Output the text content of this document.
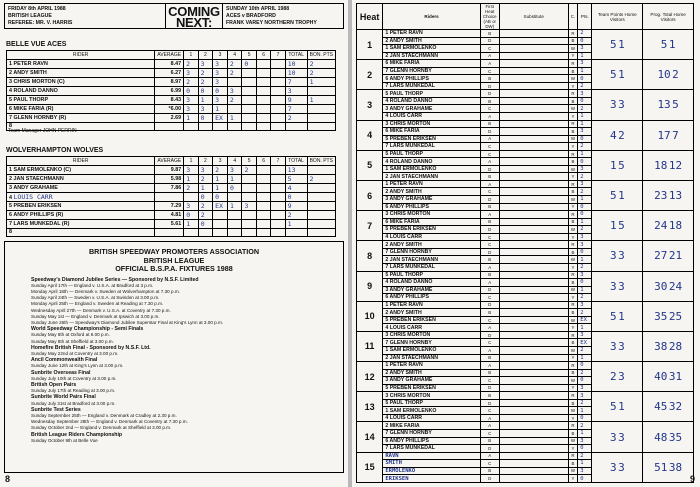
FRIDAY 8th APRIL 1988
BRITISH LEAGUE
REFEREE: MR. V. HARRIS
COMING NEXT:
SUNDAY 10th APRIL 1988
ACES v BRADFORD
FRANK VAREY NORTHERN TROPHY
BELLE VUE ACES
RIDER	AVERAGE	1	2	3	4	5	6	7	TOTAL	BON. PTS
1 PETER RAVN	8.47	2	3	3	2	0			10	2
2 ANDY SMITH	6.27	3	2	3	2				10	2
3 CHRIS MORTON (C)	8.97	2	2	3					7	1
4 ROLAND DANNO	6.99	0	0	0	3				3	
5 PAUL THORP	8.43	3	1	3	2				9	1
6 MIKE FARIA (R)	*6.00	3	3	1					7	
7 GLENN HORNBY (R)	2.69	1	0	EX	1				2	
8										
Team Manager JOHN PERRIN
WOLVERHAMPTON WOLVES
RIDER	AVERAGE	1	2	3	4	5	6	7	TOTAL	BON. PTS
1 SAM ERMOLENKO (C)	9.87	3	3	2	3	2			13	
2 JAN STAECHMANN	5.98	1	2	1	1				5	2
3 ANDY GRAHAME	7.86	2	1	1	0				4	
4 LOUIS CARR			0	0					0	
5 PREBEN ERIKSEN	7.29	3	2	EX	1	3			9	
6 ANDY PHILLIPS (R)	4.81	0	2						2	
7 LARS MUNKEDAL (R)	5.61	1	0						1	
8										
BRITISH SPEEDWAY PROMOTERS ASSOCIATION
BRITISH LEAGUE
OFFICIAL B.S.P.A. FIXTURES 1988
Speedway's Diamond Jubilee Series — Sponsored by N.S.F. Limited
Sunday April 17th — England v. U.S.A. at Bradford at 3 p.m.
Monday April 18th — Denmark v. Sweden at Wolverhampton at 7.30 p.m.
Sunday April 24th — Sweden v. U.S.A. at Swindon at 3.00 p.m.
Monday April 25th — England v. Sweden at Reading at 7.30 p.m.
Wednesday April 27th — Denmark v. U.S.A. at Coventry at 7.30 p.m.
Sunday May 1st — England v. Denmark at Ipswich at 3.00 p.m.
Sunday June 26th — Speedway's Diamond Jubilee Superstar Final at King's Lynn at 3.00 p.m.
World Speedway Championship - Semi Finals
Sunday May 8th at Oxford at 6.00 p.m.
Sunday May 8th at Sheffield at 3.00 p.m.
Homefire British Final - Sponsored by N.S.F. Ltd.
Sunday May 22nd at Coventry at 3.00 p.m.
Ancil Commonwealth Final
Sunday June 12th at King's Lynn at 3.00 p.m.
Sunbrite Overseas Final
Sunday July 10th at Coventry at 3.00 p.m.
British Open Pairs
Sunday July 17th at Reading at 3.00 p.m.
Sunbrite World Pairs Final
Sunday July 31st at Bradford at 3.00 p.m.
Sunbrite Test Series
Sunday September 25th — England v. Denmark at Cradley at 2.30 p.m.
Wednesday September 28th — England v. Denmark at Coventry at 7.30 p.m.
Sunday October 2nd — England v. Denmark at Sheffield at 3.00 p.m.
British League Riders Championship
Sunday October 9th at Belle Vue
8
Heat	Riders	First Heat Choice (AB or DW)	Substitute	C.	Pts.	Team Points Home Visitors	Prog. Total Home Visitors
1	1 PETER RAVN	B		R	2	5 1	5 1
	2 ANDY SMITH	D		B	0		
	1 SAM ERMOLENKO	C		W	3		
	2 JAN STAECHMANN	A		Y	1		
2	6 MIKE FARIA	A		R	3	5 1	10 2
	7 GLENN HORNBY	C		B	1		
	6 ANDY PHILLIPS	B		W	0		
	7 LARS MUNKEDAL	D		Y	2		
3	5 PAUL THORP	D		R	3	3 3	13 5
	4 ROLAND DANNO	B		B	0		
	3 ANDY GRAHAME	C		W	2		
	4 LOUIS CARR	A		Y	1		
4	3 CHRIS MORTON	B		R	1	4 2	17 7
	6 MIKE FARIA	D		B	3		
	5 PREBEN ERIKSEN	A		W	0		
	7 LARS MUNKEDAL	C		Y	2		
5	5 PAUL THORP	C		R	1	1 5	18 12
	4 ROLAND DANNO	A		B	0		
	1 SAM ERMOLENKO	D		W	3		
	2 JAN STAECHMANN	B		Y	2		
6	1 PETER RAVN	A		R	3	5 1	23 13
	2 ANDY SMITH	C		B	2		
	3 ANDY GRAHAME	D		W	1		
	6 ANDY PHILLIPS	B		Y	0		
7	3 CHRIS MORTON	A		R	0	1 5	24 18
	6 MIKE FARIA	B		B	1		
	5 PREBEN ERIKSEN	D		W	2		
	4 LOUIS CARR	C		Y	3		
8	2 ANDY SMITH	C		R	3	3 3	27 21
	7 GLENN HORNBY	D		B	0		
	2 JAN STAECHMANN	B		W	1		
	7 LARS MUNKEDAL	A		Y	2		
9	5 PAUL THORP	B		R	3	3 3	30 24
	4 ROLAND DANNO	A		B	0		
	3 ANDY GRAHAME	D		W	1		
	6 ANDY PHILLIPS	C		Y	2		
10	1 PETER RAVN	D		R	3	5 1	35 25
	2 ANDY SMITH	B		B	2		
	5 PREBEN ERIKSEN	C		W	EX		
	4 LOUIS CARR	A		Y	1		
11	3 CHRIS MORTON	D		R	3	3 3	38 28
	7 GLENN HORNBY	C		B	EX		
	1 SAM ERMOLENKO	A		W	2		
	2 JAN STAECHMANN	B		Y	1		
12	1 PETER RAVN	A		R	0	2 3	40 31
	2 ANDY SMITH	B		B	2		
	3 ANDY GRAHAME	C		W	0		
	5 PREBEN ERIKSEN	D		Y	3		
13	3 CHRIS MORTON	B		R	3	5 1	45 32
	5 PAUL THORP	D		B	2		
	1 SAM ERMOLENKO	C		W	1		
	4 LOUIS CARR	A		Y	0		
14	2 MIKE FARIA	A		R	2	3 3	48 35
	7 GLENN HORNBY	C		B	1		
	6 ANDY PHILLIPS	B		W	3		
	7 LARS MUNKEDAL	D		Y	0		
15	RAVN	A		R	2	3 3	51 38
	SMITH	C		B	1		
	ERMOLENKO	B		W	3		
	ERIKSEN	D		Y	0			9
